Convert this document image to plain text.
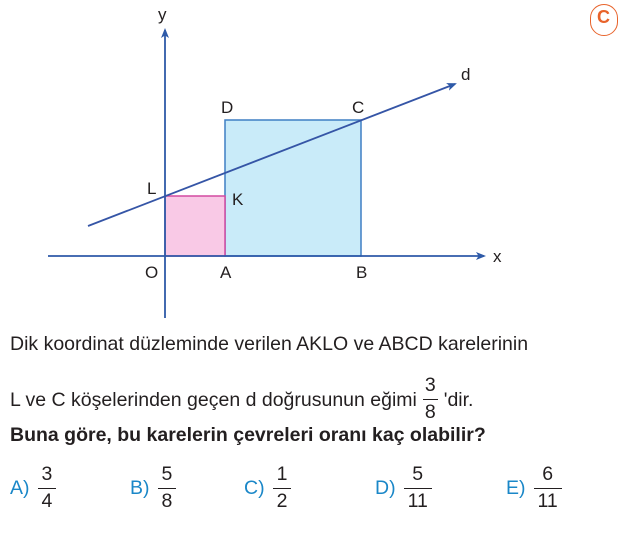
y
x
d
D	C
L
K
O	A	B
C
Dik koordinat düzleminde verilen AKLO ve ABCD karelerinin
L ve C köşelerinden geçen d doğrusunun eğimi $\frac{3}{8}$ 'dir.
Buna göre, bu karelerin çevreleri oranı kaç olabilir?
$A) \frac{3}{4}$	$B) \frac{5}{8}$	$C) \frac{1}{2}$	$D) \frac{5}{11}$	$E) \frac{6}{11}$
